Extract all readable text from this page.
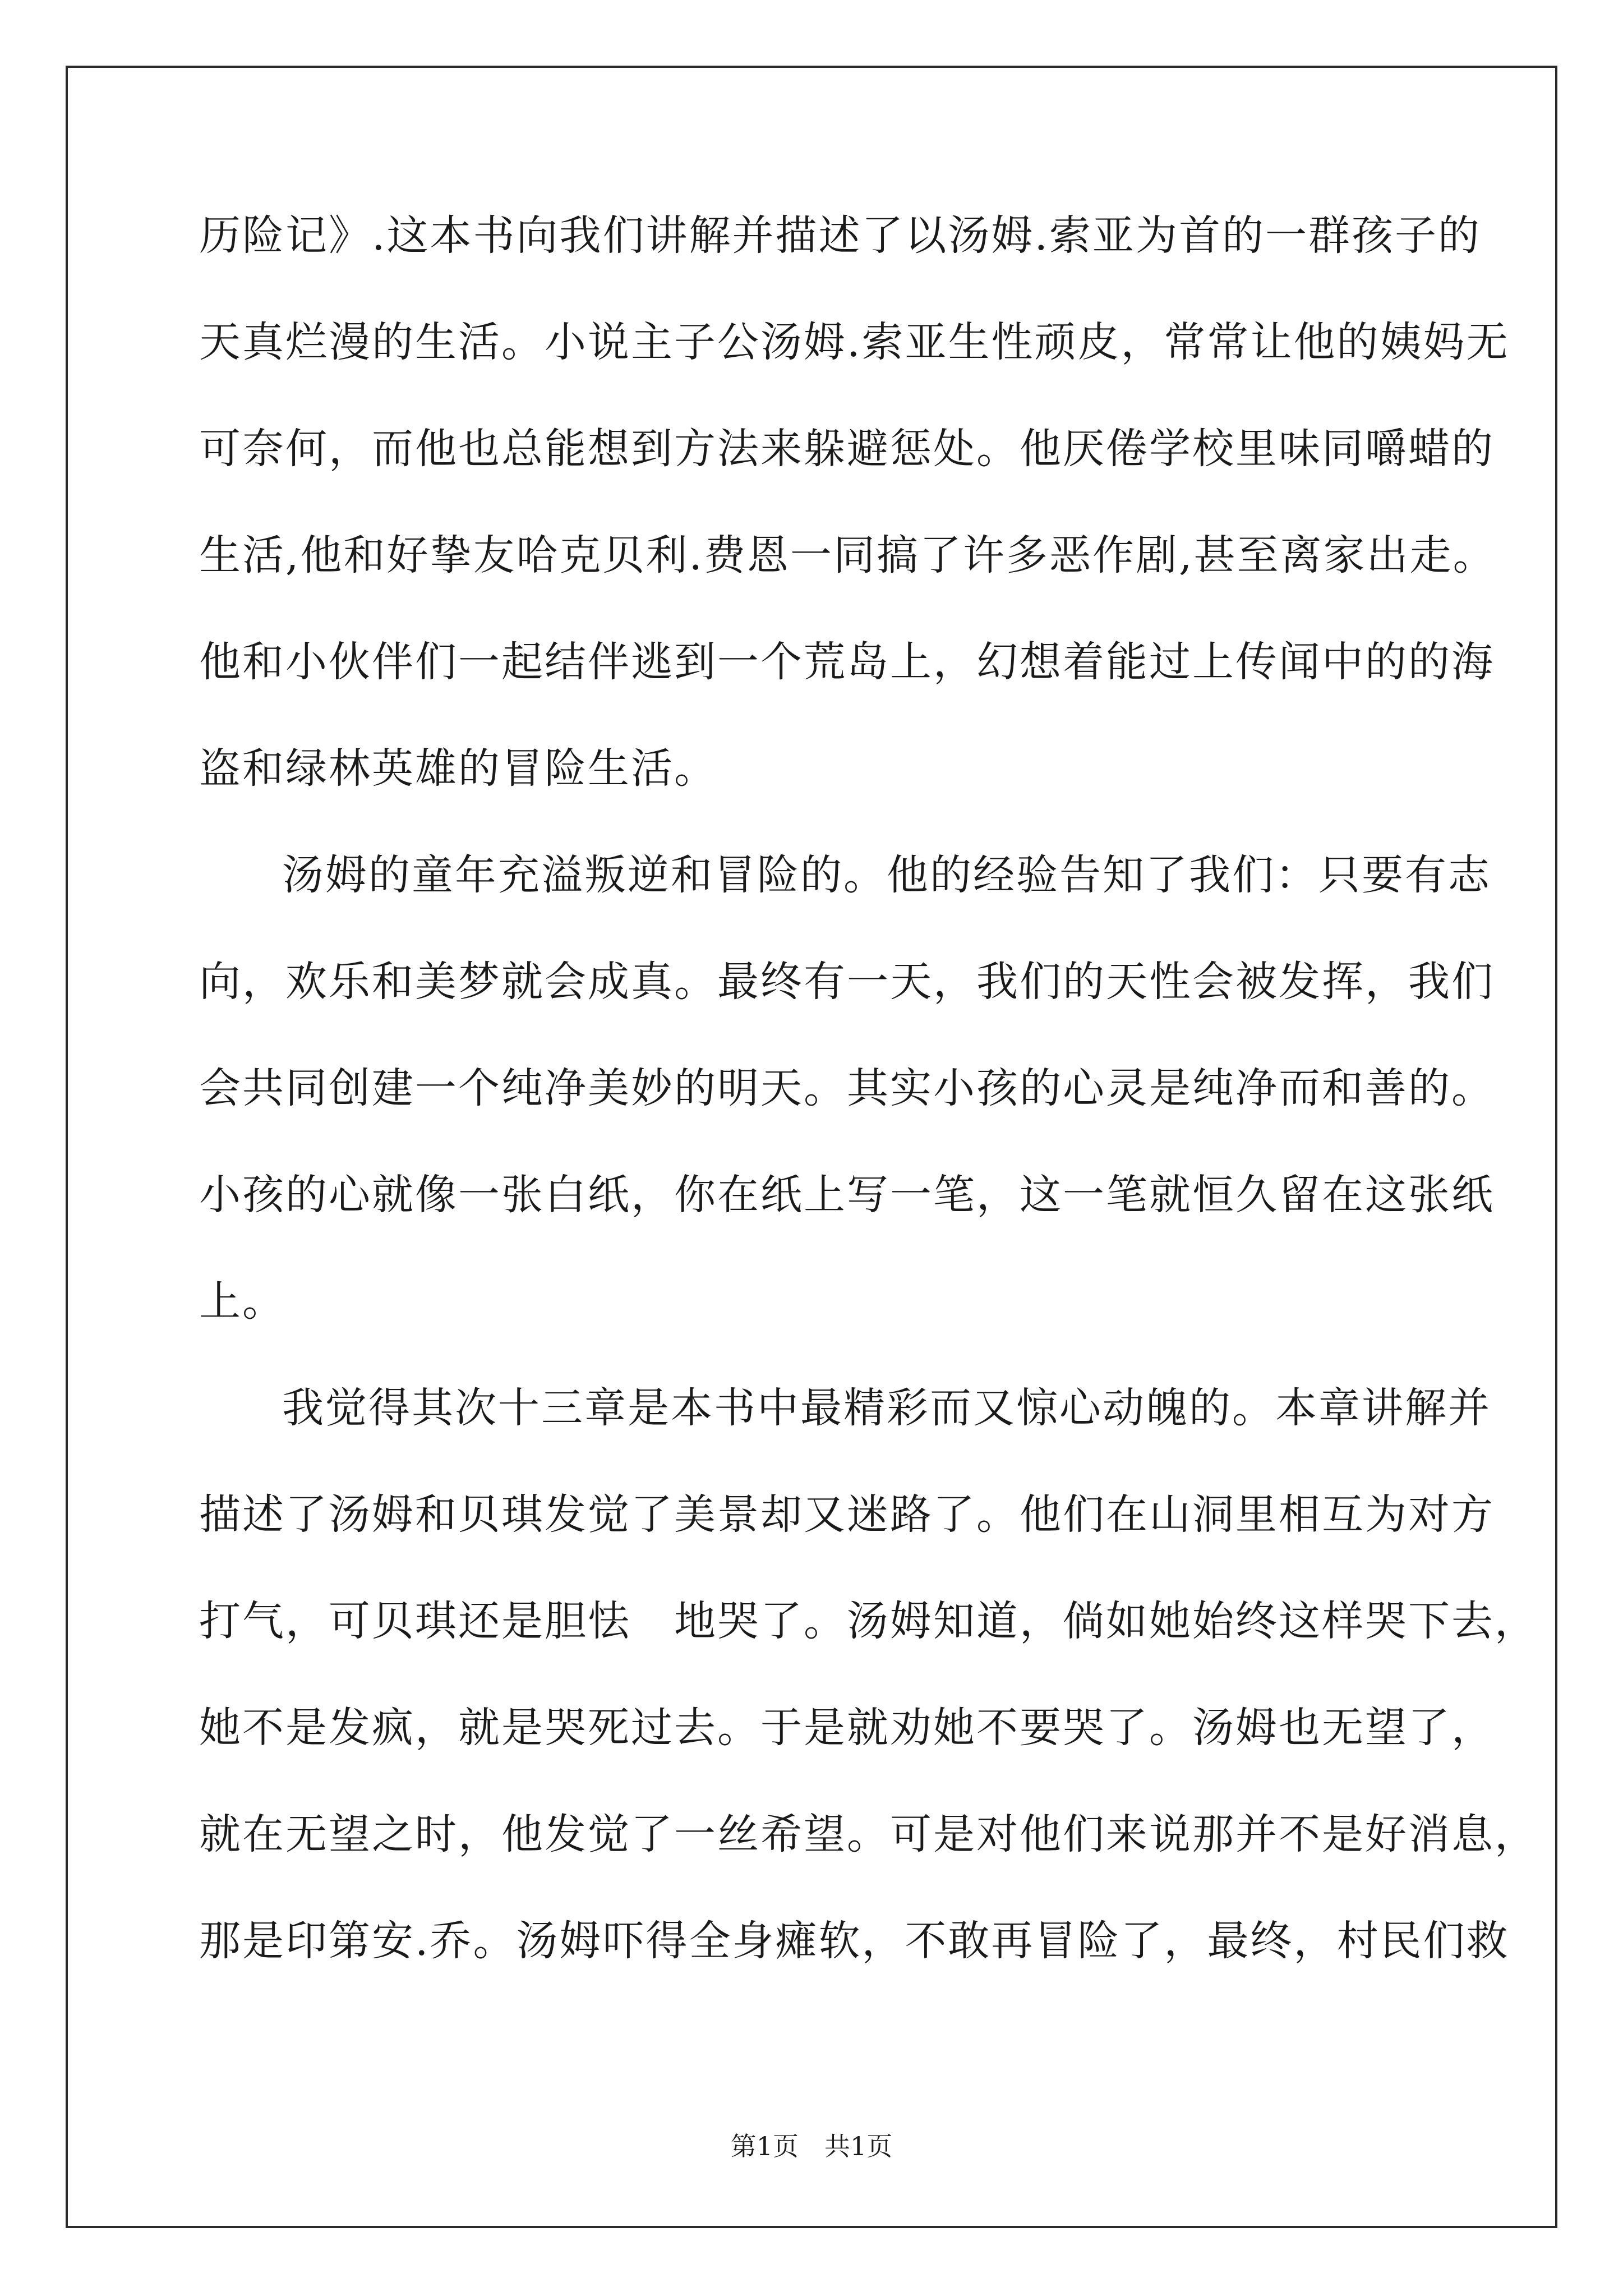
历险记》.这本书向我们讲解并描述了以汤姆.索亚为首的一群孩子的
天真烂漫的生活。小说主子公汤姆.索亚生性顽皮，常常让他的姨妈无
可奈何，而他也总能想到方法来躲避惩处。他厌倦学校里味同嚼蜡的
生活,他和好挚友哈克贝利.费恩一同搞了许多恶作剧,甚至离家出走。
他和小伙伴们一起结伴逃到一个荒岛上，幻想着能过上传闻中的的海
盗和绿林英雄的冒险生活。
汤姆的童年充溢叛逆和冒险的。他的经验告知了我们：只要有志
向，欢乐和美梦就会成真。最终有一天，我们的天性会被发挥，我们
会共同创建一个纯净美妙的明天。其实小孩的心灵是纯净而和善的。
小孩的心就像一张白纸，你在纸上写一笔，这一笔就恒久留在这张纸
上。
我觉得其次十三章是本书中最精彩而又惊心动魄的。本章讲解并
描述了汤姆和贝琪发觉了美景却又迷路了。他们在山洞里相互为对方
打气，可贝琪还是胆怯　地哭了。汤姆知道，倘如她始终这样哭下去，
她不是发疯，就是哭死过去。于是就劝她不要哭了。汤姆也无望了，
就在无望之时，他发觉了一丝希望。可是对他们来说那并不是好消息，
那是印第安.乔。汤姆吓得全身瘫软，不敢再冒险了，最终，村民们救
第1页　共1页
